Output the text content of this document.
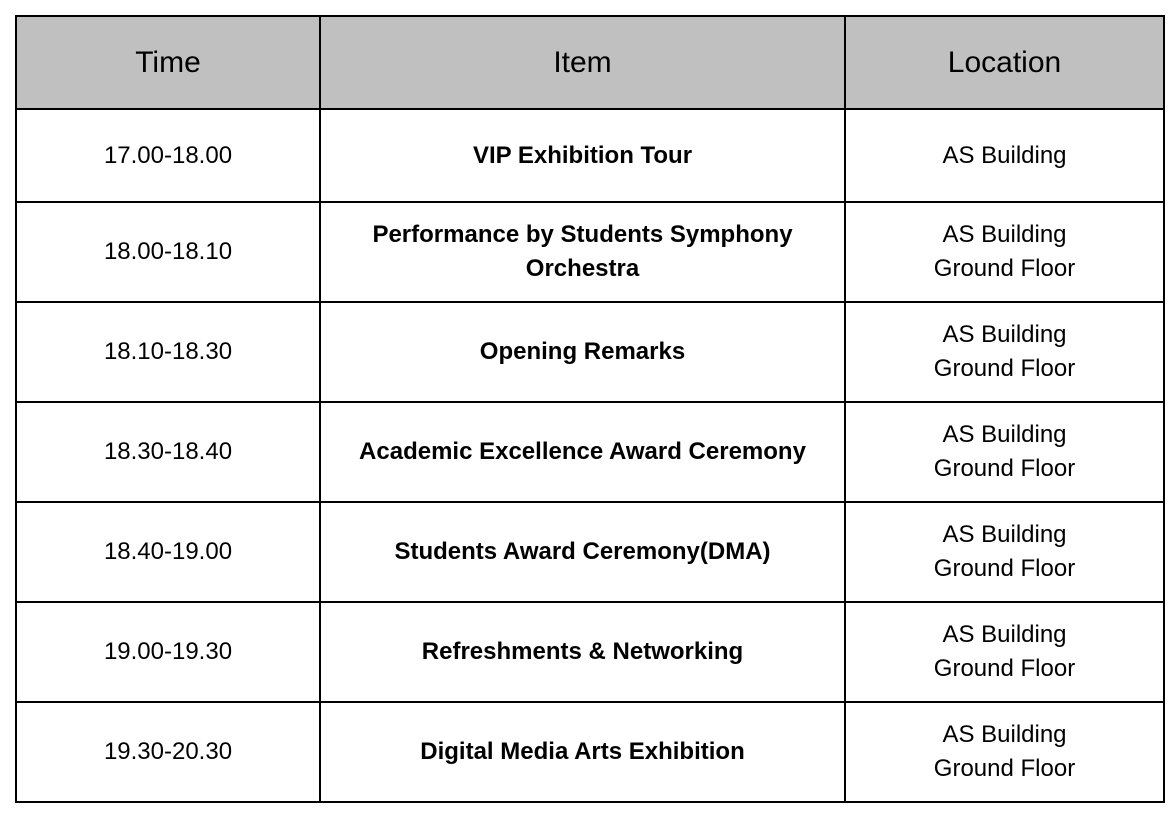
Time	Item	Location
17.00-18.00	VIP Exhibition Tour	AS Building

18.00-18.10	Performance by Students Symphony
Orchestra	AS Building
Ground Floor

18.10-18.30	Opening Remarks	AS Building
Ground Floor

18.30-18.40	Academic Excellence Award Ceremony	AS Building
Ground Floor

18.40-19.00	Students Award Ceremony(DMA)	AS Building
Ground Floor

19.00-19.30	Refreshments & Networking	AS Building
Ground Floor

19.30-20.30	Digital Media Arts Exhibition	AS Building
Ground Floor
